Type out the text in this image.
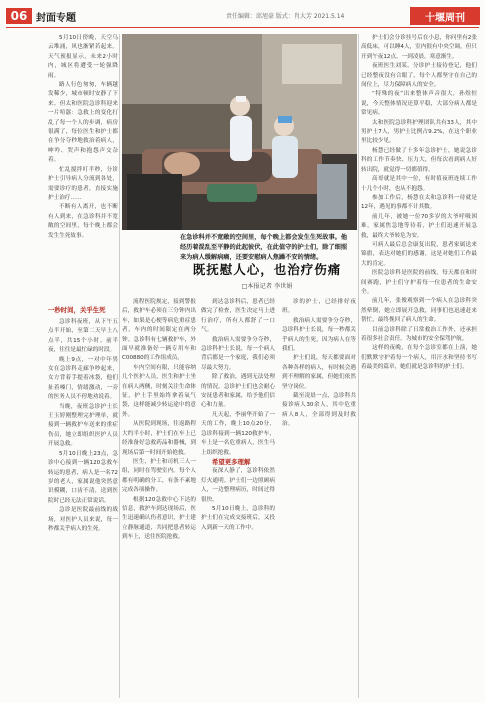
06 封面专题	责任编辑：邱旭豪 版式：肖大芳 2021.5.14	十堰周刊

5月10日傍晚，天空乌云堆涌，风也渐紧若起来。天气预报显示，未来2小时内，城区将遭受一轮强降雨。

路人行色匆匆，车辆越发稀少，城市顿时安静了下来。但太和医院急诊科迎来一片喧嚣：急救上的变化打乱了每一个人的步调，病房很满了，每位医生和护士都在争分夺秒地救治着病人，呻吟、哭声和抱怨声交杂着。

忙乱搅拌叮半秒，分诊护士引导病人分流到各处，需要诊疗的患者，直接实施护士治疗……

不断有人离开，也不断有人到来，在急诊科并不宽敞的空间里，每个晚上都会发生生死故事。

一秒时间，关乎生死

急诊科夜班，从下午五点半开始，至第二天早上八点半，共15个小时。前半夜，往往是最忙碌的时段。

晚上9点，一对中年男女在急诊科走廊争吵起来，女方背着手提着冰袋，他们扯着嗓门，情绪激动，一旁的医务人员不停地劝说着。

当晚，夜班急诊护士长王玉婷刚整理完护理单，就接到一辆救护车送来的重症伤员，她立即组织医护人员开展急救。

5月10日晚上23点，急诊中心接到一辆120急救车转运的患者，病人是一名72岁的老人，家属说他突然意识模糊，口齿不清，送到医院时已经无法正常说话。

急诊是医院最前线的战场，对医护人员来说，每一秒都关乎病人的生死。

在急诊科并不宽敞的空间里，每个晚上都会发生生死故事。他经历着混乱至平静的此起彼伏，在此值守的护士们，除了细照来为病人缓解病痛，还要安慰病人焦躁不安的情绪。
既抚慰人心，也治疗伤痛
□本报记者 李世娟

流程医院规定，接到警报后，救护车必须在三分钟内出车，如果是心梗等病危重症患者，车内的时间限定在两分钟。急诊科有七辆救护车，外面早就准备好一辆专用车和C00880的工作组成员。

车内空间有限，只能容纳几个医护人员，医生和护士坐在病人两侧，时刻关注生命体征，护士手里始终拿着氧气袋，这样能减少转运途中的意外。

从医院到现场，往返路程大约半小时，护士们在车上已经准备好急救药品和器械，到现场后第一时间开始抢救。

医生、护士和司机三人一组，同时在驾驶室内。每个人都有明确的分工，有条不紊地完成各项操作。

根据120急救中心下达的信息，救护车到达现场后，医生迅速确认伤者意识，护士建立静脉通道，共同把患者转运到车上，送往医院抢救。

到达急诊科后，患者已经做完了检查，医生决定马上进行治疗，所有人都舒了一口气。

救治病人需要争分夺秒，急诊科护士长说，每一个病人背后都是一个家庭，我们必须尽最大努力。

除了救治，遇到无法处理的情况，急诊护士们也会耐心安抚患者和家属，给予他们信心和力量。

凡天起，李丽华开始了一天的工作，晚上10点20分，急诊科接到一辆120救护车，车上是一名危重病人，医生马上组织抢救。

希望更多理解

夜深人静了，急诊科依然灯火通明。护士们一边照顾病人，一边整理病历，时间过得很快。

5月10日晚上，急诊科的护士们在完成交接班后，又投入到新一天的工作中。

诊的护士，已经排好夜班。

救治病人需要争分夺秒，急诊科护士长说，每一秒都关乎病人的生死，因为病人在等我们。

护士们说，每天都要面对各种各样的病人，有时候会遇到不理解的家属，但她们依然坚守岗位。

截至凌晨一点，急诊科共接诊病人30余人，其中危重病人8人，全部得到及时救治。

护士们会分诊挂号后在小息，你问里有2张高低床，可以睡4人，室内很有中央空调，但只开到午夜12点，一到凌晨，寒意渐生。

夜班医生刘某，分诊护士接待登记，他们已经整夜没有合眼了，每个人都坚守在自己的岗位上，尽力保障病人的安全。

“特殊的夜”出来整体声音很大，孙煜恒说，今天整体情况还算平稳，大部分病人都是常见病。

太和医院急诊科护理团队共有33人，其中男护士7人，男护士比例占9.2%，在这个职业里比较少见。

杨慧已经做了十多年急诊护士，她说急诊科的工作节奏快、压力大，但每次看到病人好转出院，就觉得一切都值得。

高哥就是其中一位，有时值夜班连续工作十几个小时，也从不抱怨。

参加工作后，杨慧在太和急诊科一待就是12年，遇见的事都不计其数。

前几年，被她一位70多岁的大爷呼吸困难，家属焦急地等待着，护士们迅速开展急救，最终大爷转危为安。

可病人最后总会康复出院，患者家属送来锦旗，表达对她们的感谢，这是对她们工作最大的肯定。

医院急诊科是医院的前线，每天都在和时间赛跑，护士们守护着每一位患者的生命安全。

前几年，张俊观察到一个病人在急诊科突然晕倒，她立即展开急救，同事们也迅速赶来帮忙，最终挽回了病人的生命。

目前急诊科除了日常救治工作外，还承担着很多社会责任，为城市的安全保驾护航。

这样的夜晚，在每个急诊室都在上演，她们默默守护着每一个病人，用汗水和坚持书写着最美的篇章，她们就是急诊科的护士们。
